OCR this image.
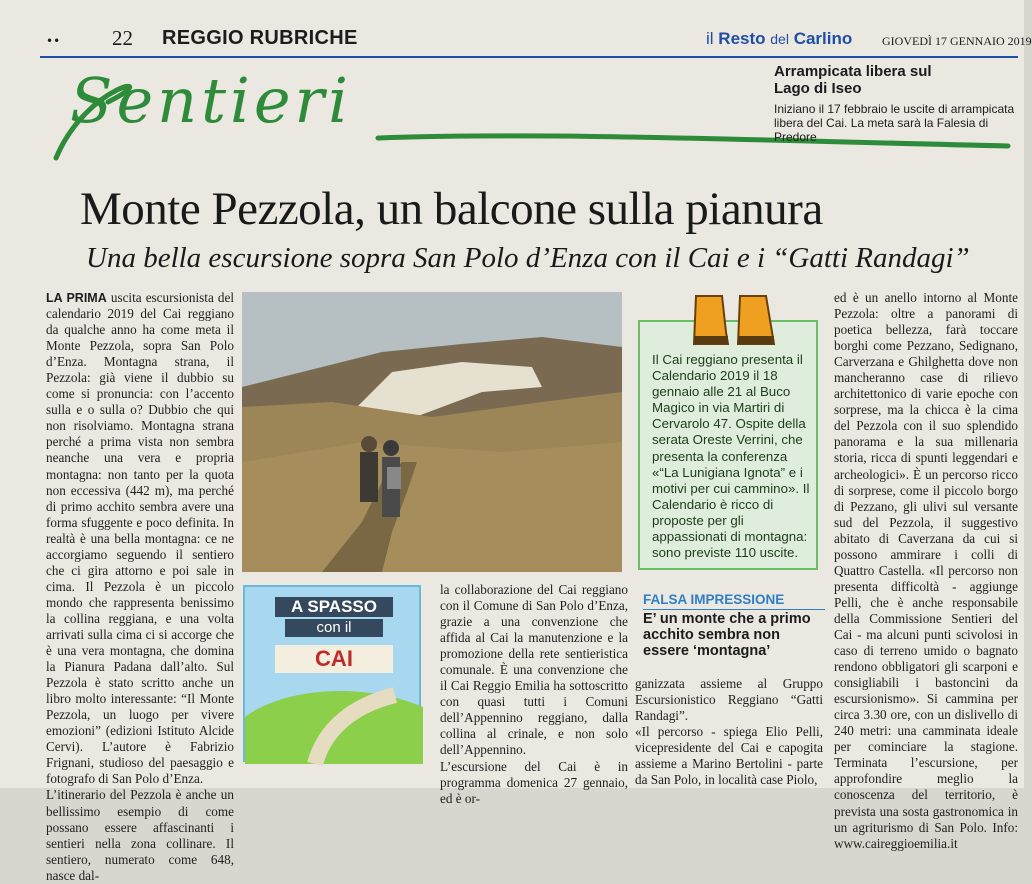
•• 22 REGGIO RUBRICHE	il Resto del Carlino GIOVEDÌ 17 GENNAIO 2019
Sentieri	Arrampicata libera sul Lago di Iseo
Iniziano il 17 febbraio le uscite di arrampicata libera del Cai. La meta sarà la Falesia di Predore
Monte Pezzola, un balcone sulla pianura
Una bella escursione sopra San Polo d’Enza con il Cai e i “Gatti Randagi”

LA PRIMA uscita escursionista del calendario 2019 del Cai reggiano da qualche anno ha come meta il Monte Pezzola, sopra San Polo d’Enza. Montagna strana, il Pezzola: già viene il dubbio su come si pronuncia: con l’accento sulla e o sulla o? Dubbio che qui non risolviamo. Montagna strana perché a prima vista non sembra neanche una vera e propria montagna: non tanto per la quota non eccessiva (442 m), ma perché di primo acchito sembra avere una forma sfuggente e poco definita. In realtà è una bella montagna: ce ne accorgiamo seguendo il sentiero che ci gira attorno e poi sale in cima. Il Pezzola è un piccolo mondo che rappresenta benissimo la collina reggiana, e una volta arrivati sulla cima ci si accorge che è una vera montagna, che domina la Pianura Padana dall’alto. Sul Pezzola è stato scritto anche un libro molto interessante: “Il Monte Pezzola, un luogo per vivere emozioni” (edizioni Istituto Alcide Cervi). L’autore è Fabrizio Frignani, studioso del paesaggio e fotografo di San Polo d’Enza.

L’itinerario del Pezzola è anche un bellissimo esempio di come possano essere affascinanti i sentieri nella zona collinare. Il sentiero, numerato come 648, nasce dal-

Il Cai reggiano presenta il Calendario 2019 il 18 gennaio alle 21 al Buco Magico in via Martiri di Cervarolo 47. Ospite della serata Oreste Verrini, che presenta la conferenza «“La Lunigiana Ignota” e i motivi per cui cammino». Il Calendario è ricco di proposte per gli appassionati di montagna: sono previste 110 uscite.
A SPASSO
con il
CAI

la collaborazione del Cai reggiano con il Comune di San Polo d’Enza, grazie a una convenzione che affida al Cai la manutenzione e la promozione della rete sentieristica comunale. È una convenzione che il Cai Reggio Emilia ha sottoscritto con quasi tutti i Comuni dell’Appennino reggiano, dalla collina al crinale, e non solo dell’Appennino.

L’escursione del Cai è in programma domenica 27 gennaio, ed è or-

FALSA IMPRESSIONE
E’ un monte che a primo acchito sembra non essere ‘montagna’

ganizzata assieme al Gruppo Escursionistico Reggiano “Gatti Randagi”.

«Il percorso - spiega Elio Pelli, vicepresidente del Cai e capogita assieme a Marino Bertolini - parte da San Polo, in località case Piolo,

ed è un anello intorno al Monte Pezzola: oltre a panorami di poetica bellezza, farà toccare borghi come Pezzano, Sedignano, Carverzana e Ghilghetta dove non mancheranno case di rilievo architettonico di varie epoche con sorprese, ma la chicca è la cima del Pezzola con il suo splendido panorama e la sua millenaria storia, ricca di spunti leggendari e archeologici». È un percorso ricco di sorprese, come il piccolo borgo di Pezzano, gli ulivi sul versante sud del Pezzola, il suggestivo abitato di Caverzana da cui si possono ammirare i colli di Quattro Castella. «Il percorso non presenta difficoltà - aggiunge Pelli, che è anche responsabile della Commissione Sentieri del Cai - ma alcuni punti scivolosi in caso di terreno umido o bagnato rendono obbligatori gli scarponi e consigliabili i bastoncini da escursionismo». Si cammina per circa 3.30 ore, con un dislivello di 240 metri: una camminata ideale per cominciare la stagione. Terminata l’escursione, per approfondire meglio la conoscenza del territorio, è prevista una sosta gastronomica in un agriturismo di San Polo. Info: www.caireggioemilia.it
